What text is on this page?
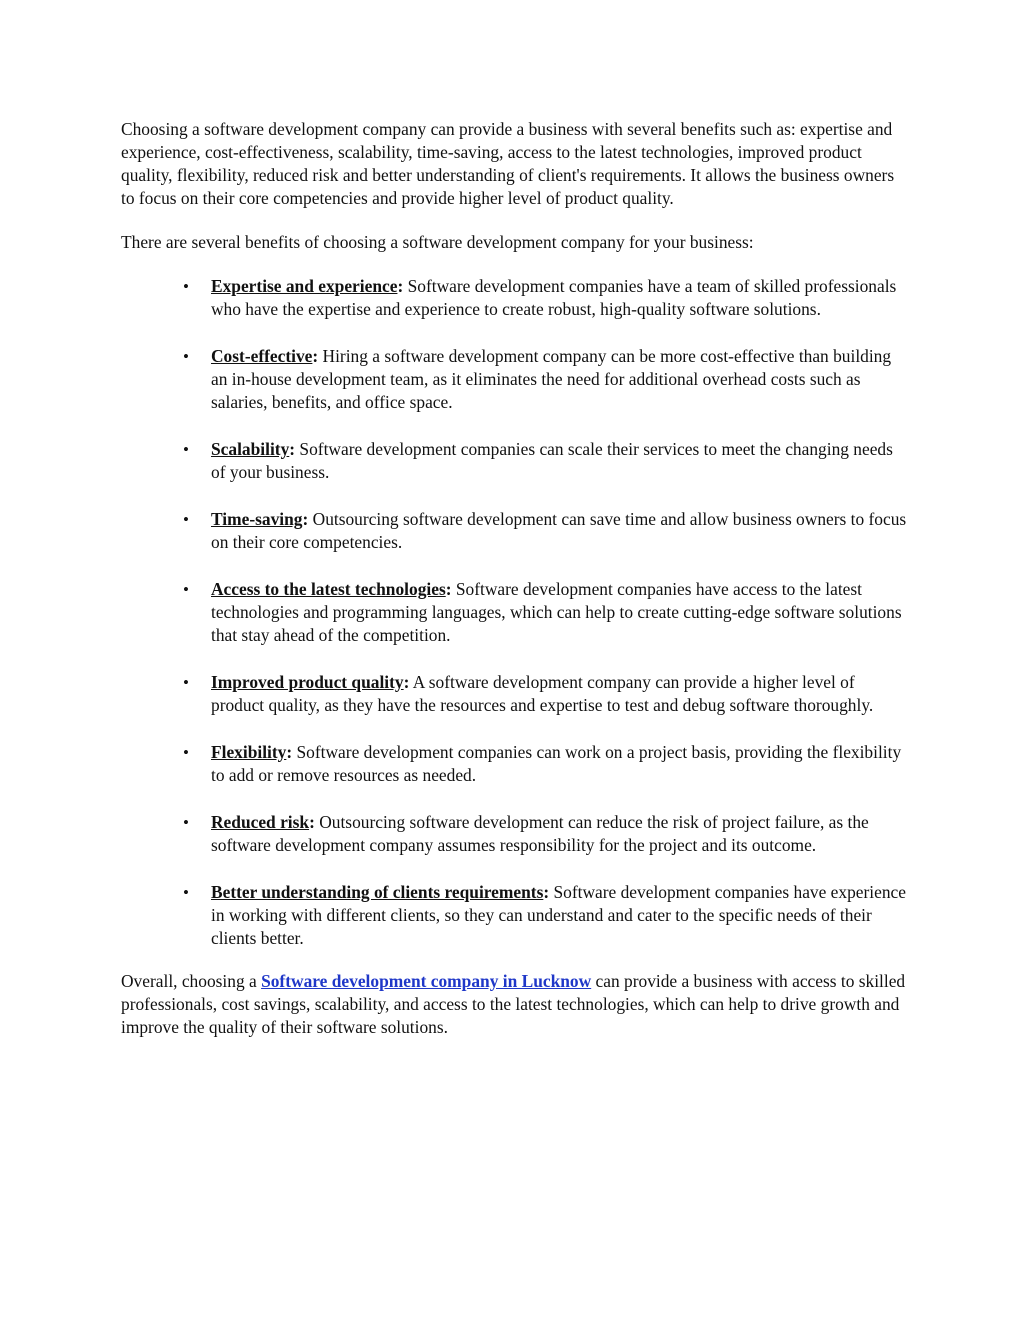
Choosing a software development company can provide a business with several benefits such as: expertise and experience, cost-effectiveness, scalability, time-saving, access to the latest technologies, improved product quality, flexibility, reduced risk and better understanding of client's requirements. It allows the business owners to focus on their core competencies and provide higher level of product quality.

There are several benefits of choosing a software development company for your business:

• Expertise and experience: Software development companies have a team of skilled professionals who have the expertise and experience to create robust, high-quality software solutions.
• Cost-effective: Hiring a software development company can be more cost-effective than building an in-house development team, as it eliminates the need for additional overhead costs such as salaries, benefits, and office space.
• Scalability: Software development companies can scale their services to meet the changing needs of your business.
• Time-saving: Outsourcing software development can save time and allow business owners to focus on their core competencies.
• Access to the latest technologies: Software development companies have access to the latest technologies and programming languages, which can help to create cutting-edge software solutions that stay ahead of the competition.
• Improved product quality: A software development company can provide a higher level of product quality, as they have the resources and expertise to test and debug software thoroughly.
• Flexibility: Software development companies can work on a project basis, providing the flexibility to add or remove resources as needed.
• Reduced risk: Outsourcing software development can reduce the risk of project failure, as the software development company assumes responsibility for the project and its outcome.
• Better understanding of clients requirements: Software development companies have experience in working with different clients, so they can understand and cater to the specific needs of their clients better.

Overall, choosing a Software development company in Lucknow can provide a business with access to skilled professionals, cost savings, scalability, and access to the latest technologies, which can help to drive growth and improve the quality of their software solutions.
